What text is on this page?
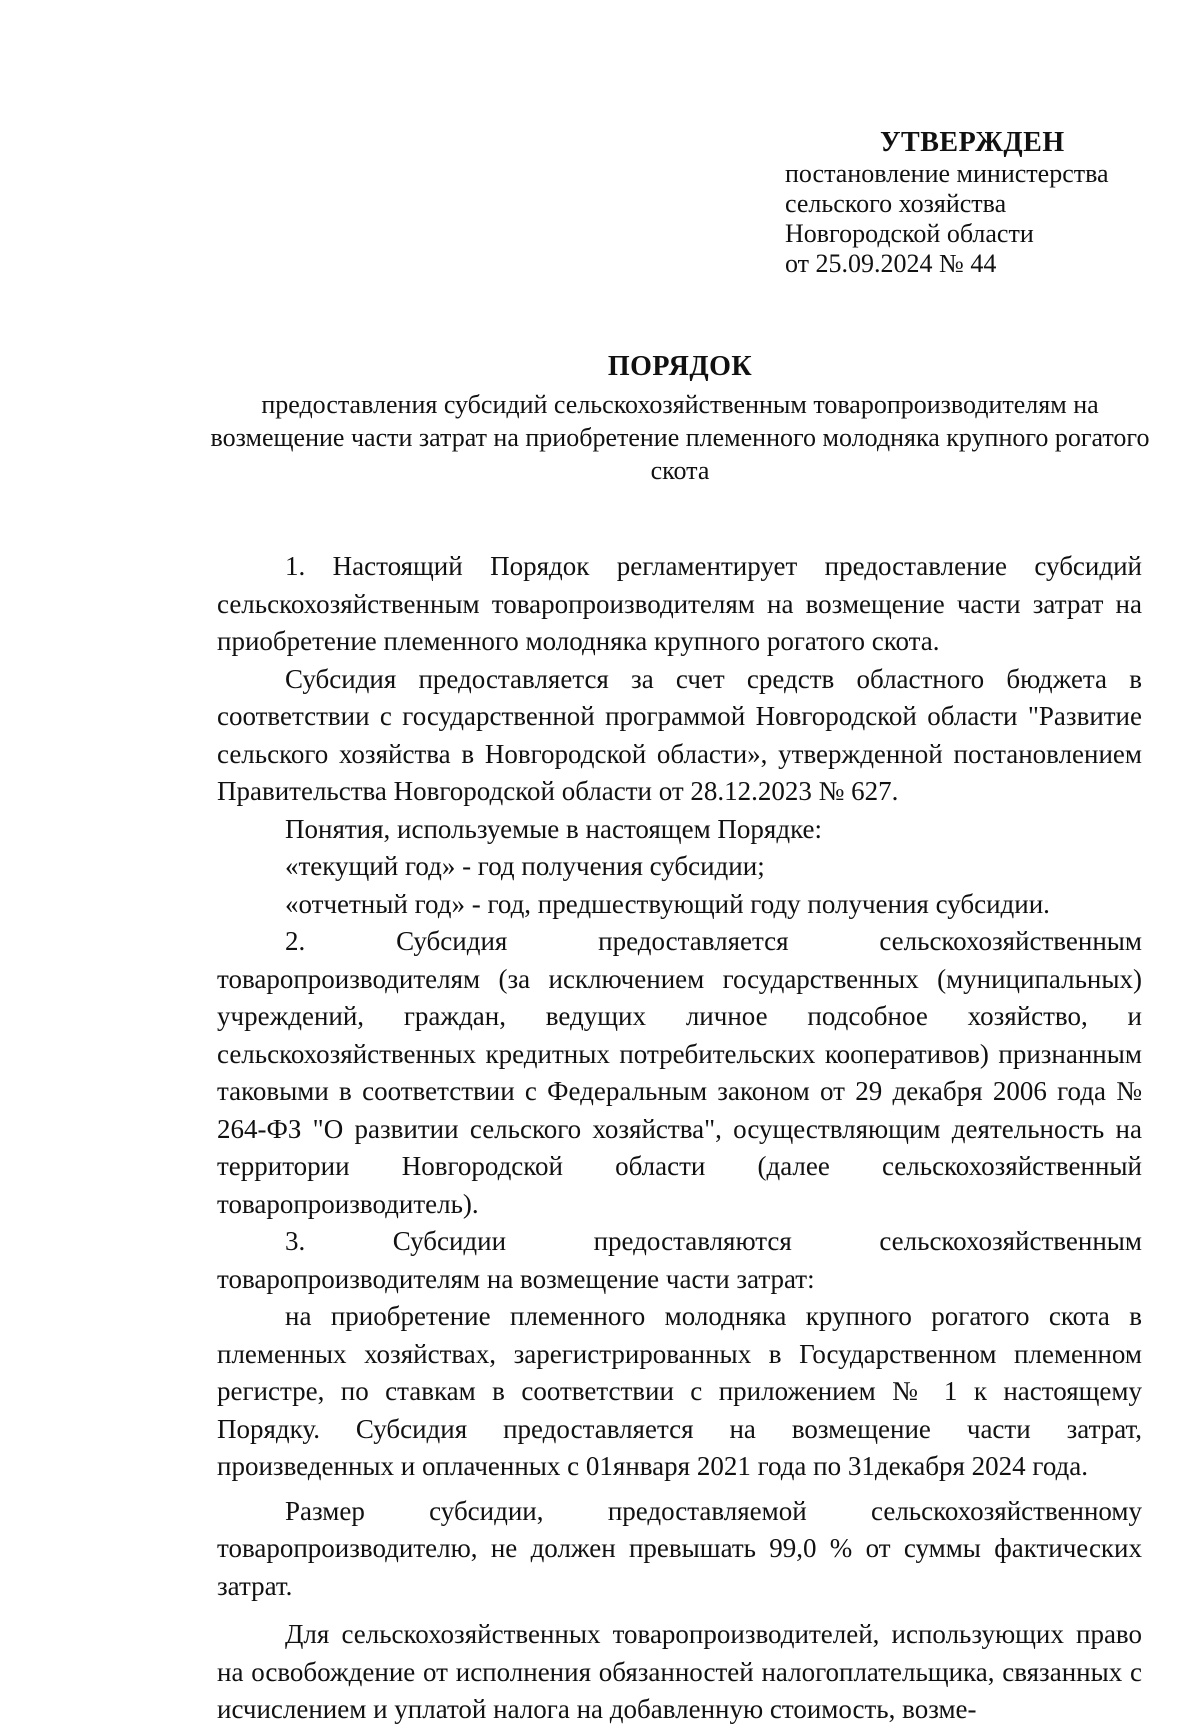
УТВЕРЖДЕН
постановление министерства
сельского хозяйства
Новгородской области
от 25.09.2024 № 44
ПОРЯДОК
предоставления субсидий сельскохозяйственным товаропроизводителям на возмещение части затрат на приобретение племенного молодняка крупного рогатого скота

1. Настоящий Порядок регламентирует предоставление субсидий сельскохозяйственным товаропроизводителям на возмещение части затрат на приобретение племенного молодняка крупного рогатого скота.

Субсидия предоставляется за счет средств областного бюджета в соответствии с государственной программой Новгородской области "Развитие сельского хозяйства в Новгородской области», утвержденной постановлением Правительства Новгородской области от 28.12.2023 № 627.

Понятия, используемые в настоящем Порядке:

«текущий год» - год получения субсидии;

«отчетный год» - год, предшествующий году получения субсидии.

2. Субсидия предоставляется сельскохозяйственным товаропроизводителям (за исключением государственных (муниципальных) учреждений, граждан, ведущих личное подсобное хозяйство, и сельскохозяйственных кредитных потребительских кооперативов) признанным таковыми в соответствии с Федеральным законом от 29 декабря 2006 года № 264-ФЗ "О развитии сельского хозяйства", осуществляющим деятельность на территории Новгородской области (далее сельскохозяйственный товаропроизводитель).

3. Субсидии предоставляются сельскохозяйственным товаропроизводителям на возмещение части затрат:

на приобретение племенного молодняка крупного рогатого скота в племенных хозяйствах, зарегистрированных в Государственном племенном регистре, по ставкам в соответствии с приложением № 1 к настоящему Порядку. Субсидия предоставляется на возмещение части затрат, произведенных и оплаченных с 01января 2021 года по 31декабря 2024 года.

Размер субсидии, предоставляемой сельскохозяйственному товаропроизводителю, не должен превышать 99,0 % от суммы фактических затрат.

Для сельскохозяйственных товаропроизводителей, использующих право на освобождение от исполнения обязанностей налогоплательщика, связанных с исчислением и уплатой налога на добавленную стоимость, возме-
